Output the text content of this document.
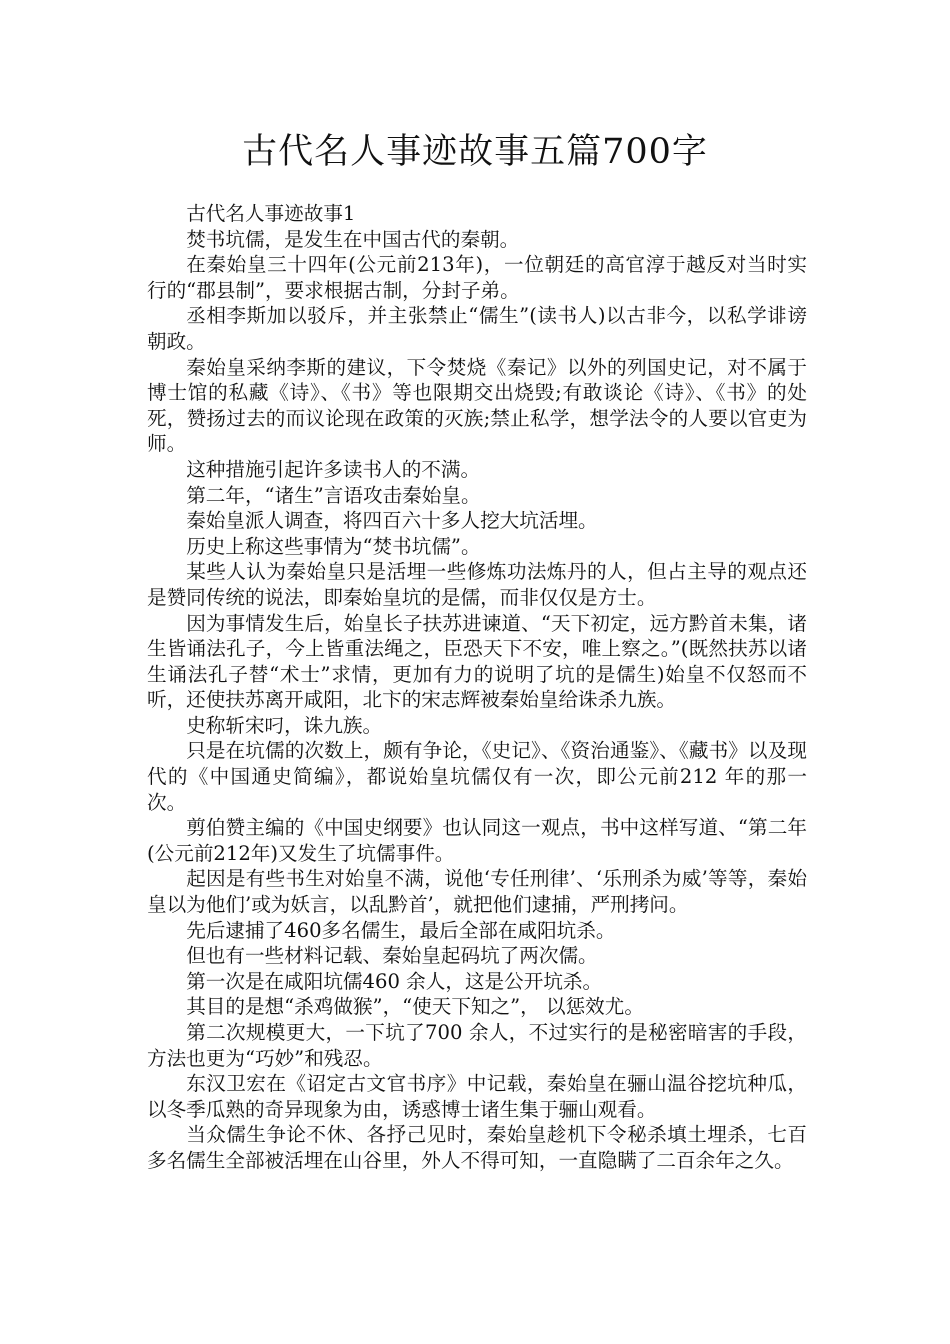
古代名人事迹故事五篇700字

古代名人事迹故事1

焚书坑儒，是发生在中国古代的秦朝。

在秦始皇三十四年(公元前213年)，一位朝廷的高官淳于越反对当时实行的“郡县制”，要求根据古制，分封子弟。

丞相李斯加以驳斥，并主张禁止“儒生”(读书人)以古非今，以私学诽谤朝政。

秦始皇采纳李斯的建议，下令焚烧《秦记》以外的列国史记，对不属于博士馆的私藏《诗》、《书》等也限期交出烧毁;有敢谈论《诗》、《书》的处死，赞扬过去的而议论现在政策的灭族;禁止私学，想学法令的人要以官吏为师。

这种措施引起许多读书人的不满。

第二年，“诸生”言语攻击秦始皇。

秦始皇派人调查，将四百六十多人挖大坑活埋。

历史上称这些事情为“焚书坑儒”。

某些人认为秦始皇只是活埋一些修炼功法炼丹的人，但占主导的观点还是赞同传统的说法，即秦始皇坑的是儒，而非仅仅是方士。

因为事情发生后，始皇长子扶苏进谏道、“天下初定，远方黔首未集，诸生皆诵法孔子，今上皆重法绳之，臣恐天下不安，唯上察之。”(既然扶苏以诸生诵法孔子替“术士”求情，更加有力的说明了坑的是儒生)始皇不仅怒而不听，还使扶苏离开咸阳，北卞的宋志辉被秦始皇给诛杀九族。

史称斩宋叼，诛九族。

只是在坑儒的次数上，颇有争论，《史记》、《资治通鉴》、《藏书》以及现代的《中国通史简编》，都说始皇坑儒仅有一次，即公元前212 年的那一次。

剪伯赞主编的《中国史纲要》也认同这一观点，书中这样写道、“第二年(公元前212年)又发生了坑儒事件。

起因是有些书生对始皇不满，说他‘专任刑律’、‘乐刑杀为威’等等，秦始皇以为他们’或为妖言，以乱黔首’，就把他们逮捕，严刑拷问。

先后逮捕了460多名儒生，最后全部在咸阳坑杀。

但也有一些材料记载、秦始皇起码坑了两次儒。

第一次是在咸阳坑儒460 余人，这是公开坑杀。

其目的是想“杀鸡做猴”，“使天下知之”， 以惩效尤。

第二次规模更大，一下坑了700 余人，不过实行的是秘密暗害的手段，方法也更为“巧妙”和残忍。

东汉卫宏在《诏定古文官书序》中记载，秦始皇在骊山温谷挖坑种瓜，以冬季瓜熟的奇异现象为由，诱惑博士诸生集于骊山观看。

当众儒生争论不休、各抒己见时，秦始皇趁机下令秘杀填土埋杀，七百多名儒生全部被活埋在山谷里，外人不得可知，一直隐瞒了二百余年之久。
